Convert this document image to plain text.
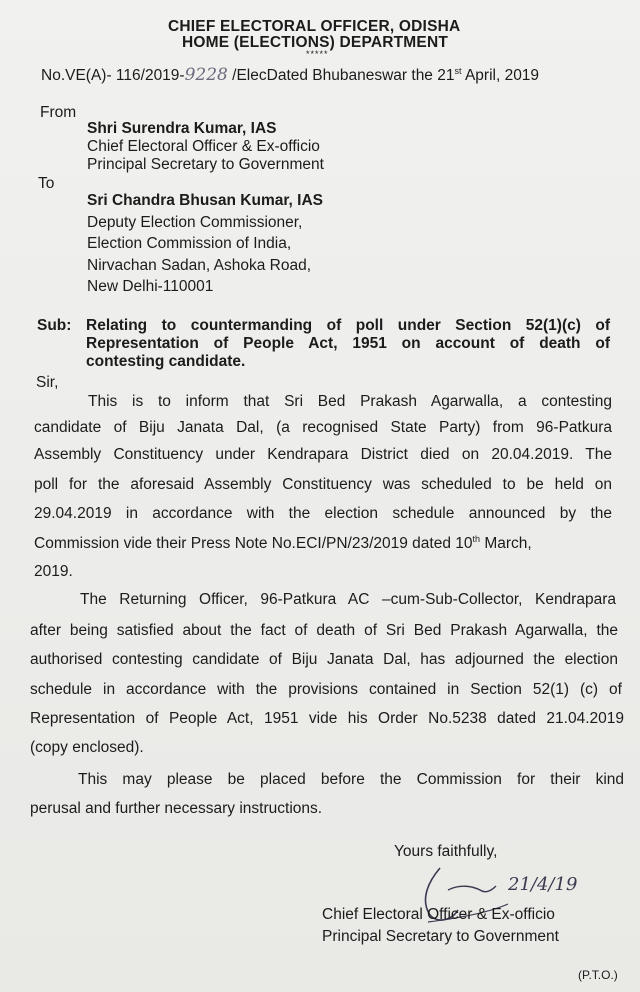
CHIEF ELECTORAL OFFICER, ODISHA
HOME (ELECTIONS) DEPARTMENT
*****
No.VE(A)- 116/2019-9228 /ElecDated Bhubaneswar the 21st April, 2019
From
Shri Surendra Kumar, IAS
Chief Electoral Officer & Ex-officio
Principal Secretary to Government
To
Sri Chandra Bhusan Kumar, IAS
Deputy Election Commissioner,
Election Commission of India,
Nirvachan Sadan, Ashoka Road,
New Delhi-110001
Sub: Relating to countermanding of poll under Section 52(1)(c) of
Representation of People Act, 1951 on account of death of
contesting candidate.
Sir,
This is to inform that Sri Bed Prakash Agarwalla, a contesting
candidate of Biju Janata Dal, (a recognised State Party) from 96-Patkura
Assembly Constituency under Kendrapara District died on 20.04.2019. The
poll for the aforesaid Assembly Constituency was scheduled to be held on
29.04.2019 in accordance with the election schedule announced by the
Commission vide their Press Note No.ECI/PN/23/2019 dated 10th March,
2019.
The Returning Officer, 96-Patkura AC –cum-Sub-Collector, Kendrapara
after being satisfied about the fact of death of Sri Bed Prakash Agarwalla, the
authorised contesting candidate of Biju Janata Dal, has adjourned the election
schedule in accordance with the provisions contained in Section 52(1) (c) of
Representation of People Act, 1951 vide his Order No.5238 dated 21.04.2019
(copy enclosed).
This may please be placed before the Commission for their kind
perusal and further necessary instructions.
Yours faithfully,
21/4/19
Chief Electoral Officer & Ex-officio
Principal Secretary to Government
(P.T.O.)
